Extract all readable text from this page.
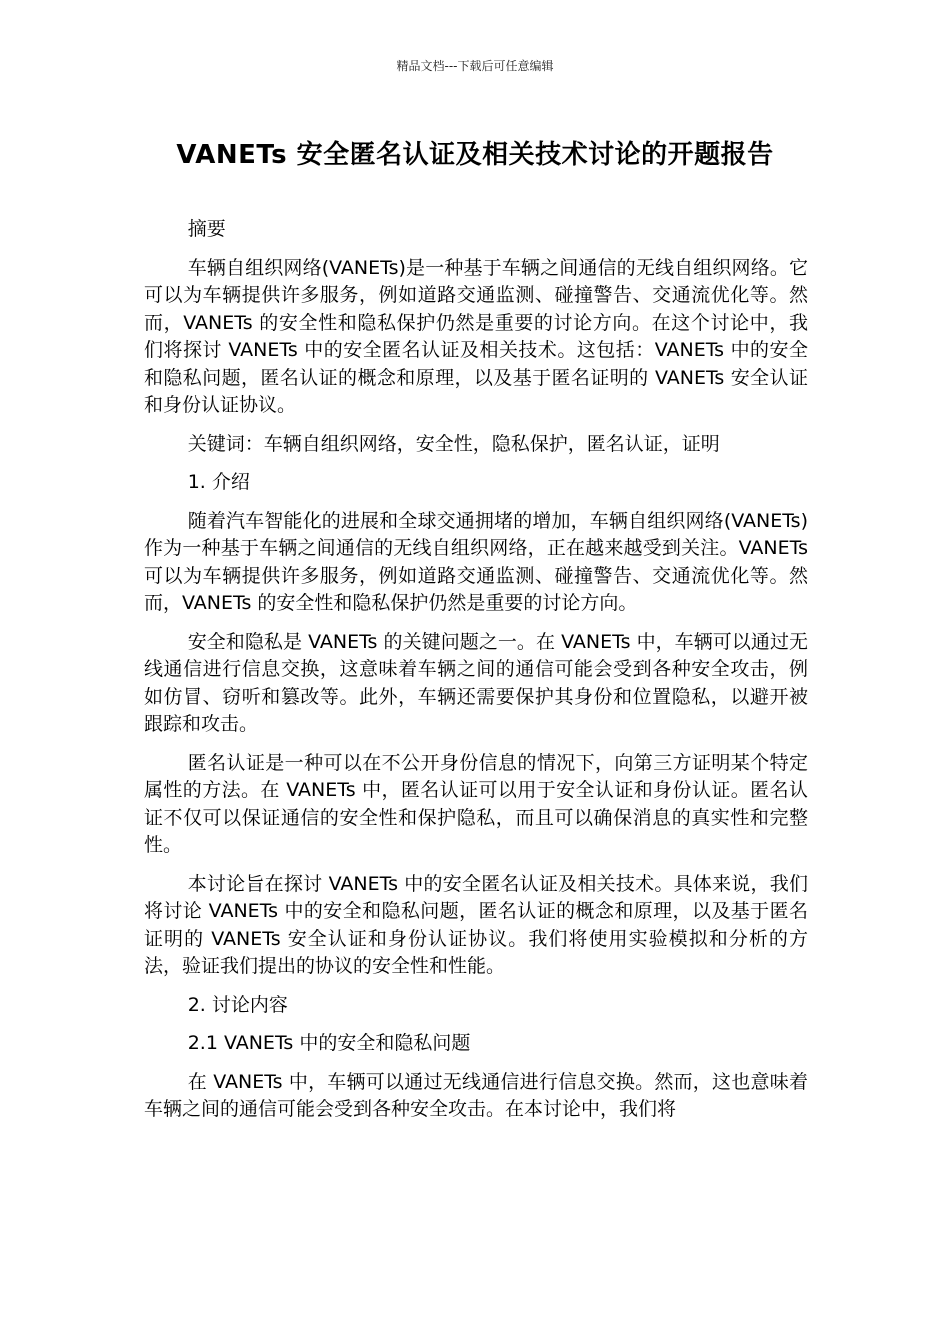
精品文档---下载后可任意编辑
VANETs 安全匿名认证及相关技术讨论的开题报告

摘要

车辆自组织网络(VANETs)是一种基于车辆之间通信的无线自组织网络。它可以为车辆提供许多服务，例如道路交通监测、碰撞警告、交通流优化等。然而，VANETs 的安全性和隐私保护仍然是重要的讨论方向。在这个讨论中，我们将探讨 VANETs 中的安全匿名认证及相关技术。这包括：VANETs 中的安全和隐私问题，匿名认证的概念和原理，以及基于匿名证明的 VANETs 安全认证和身份认证协议。

关键词：车辆自组织网络，安全性，隐私保护，匿名认证，证明

1. 介绍

随着汽车智能化的进展和全球交通拥堵的增加，车辆自组织网络(VANETs)作为一种基于车辆之间通信的无线自组织网络，正在越来越受到关注。VANETs 可以为车辆提供许多服务，例如道路交通监测、碰撞警告、交通流优化等。然而，VANETs 的安全性和隐私保护仍然是重要的讨论方向。

安全和隐私是 VANETs 的关键问题之一。在 VANETs 中，车辆可以通过无线通信进行信息交换，这意味着车辆之间的通信可能会受到各种安全攻击，例如仿冒、窃听和篡改等。此外，车辆还需要保护其身份和位置隐私，以避开被跟踪和攻击。

匿名认证是一种可以在不公开身份信息的情况下，向第三方证明某个特定属性的方法。在 VANETs 中，匿名认证可以用于安全认证和身份认证。匿名认证不仅可以保证通信的安全性和保护隐私，而且可以确保消息的真实性和完整性。

本讨论旨在探讨 VANETs 中的安全匿名认证及相关技术。具体来说，我们将讨论 VANETs 中的安全和隐私问题，匿名认证的概念和原理，以及基于匿名证明的 VANETs 安全认证和身份认证协议。我们将使用实验模拟和分析的方法，验证我们提出的协议的安全性和性能。

2. 讨论内容

2.1 VANETs 中的安全和隐私问题

在 VANETs 中，车辆可以通过无线通信进行信息交换。然而，这也意味着车辆之间的通信可能会受到各种安全攻击。在本讨论中，我们将
